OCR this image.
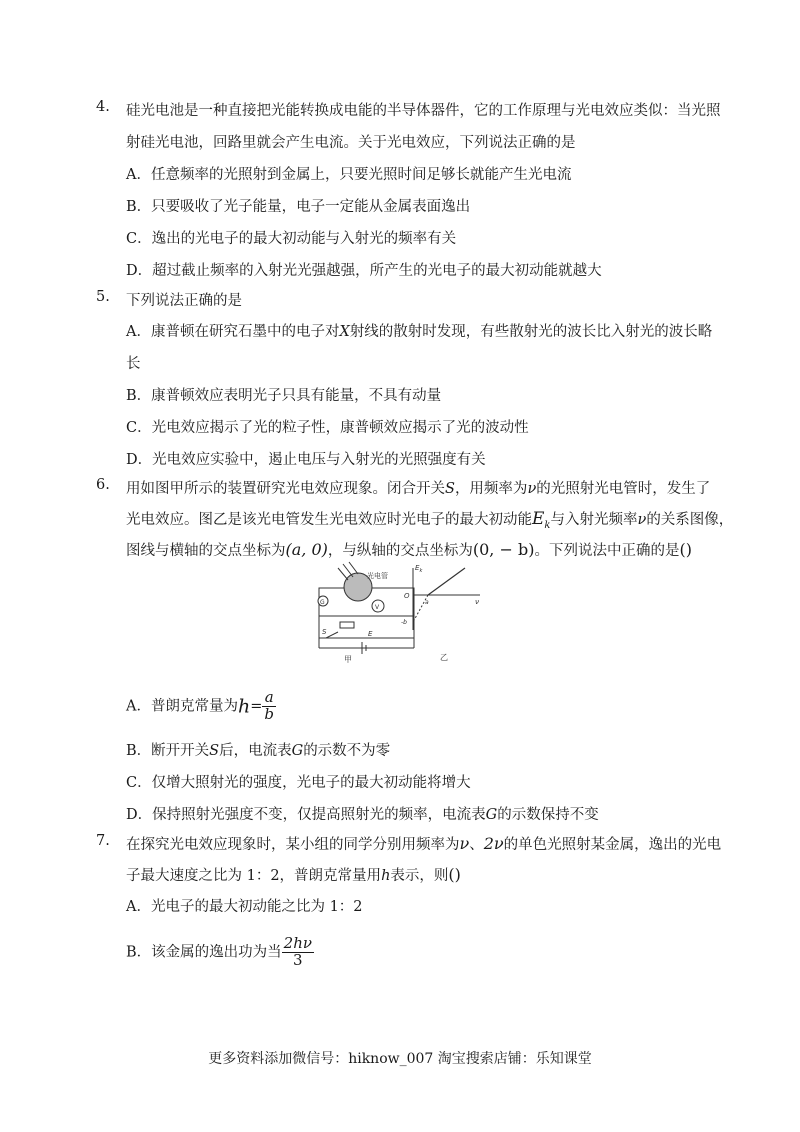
4. 硅光电池是一种直接把光能转换成电能的半导体器件，它的工作原理与光电效应类似：当光照
射硅光电池，回路里就会产生电流。关于光电效应，下列说法正确的是
A．任意频率的光照射到金属上，只要光照时间足够长就能产生光电流
B．只要吸收了光子能量，电子一定能从金属表面逸出
C．逸出的光电子的最大初动能与入射光的频率有关
D．超过截止频率的入射光光强越强，所产生的光电子的最大初动能就越大
5. 下列说法正确的是
A．康普顿在研究石墨中的电子对X射线的散射时发现，有些散射光的波长比入射光的波长略
长
B．康普顿效应表明光子只具有能量，不具有动量
C．光电效应揭示了光的粒子性，康普顿效应揭示了光的波动性
D．光电效应实验中，遏止电压与入射光的光照强度有关
6. 用如图甲所示的装置研究光电效应现象。闭合开关S，用频率为ν的光照射光电管时，发生了
光电效应。图乙是该光电管发生光电效应时光电子的最大初动能$E_k$与入射光频率ν的关系图像，
图线与横轴的交点坐标为(a, 0)，与纵轴的交点坐标为(0, − b)。下列说法中正确的是()
光电管
G
V
S	E
甲
$E_k$
O
ν
a
-b
乙
A．普朗克常量为$h= \frac{a}{b}$
B．断开开关S后，电流表G的示数不为零
C．仅增大照射光的强度，光电子的最大初动能将增大
D．保持照射光强度不变，仅提高照射光的频率，电流表G的示数保持不变
7. 在探究光电效应现象时，某小组的同学分别用频率为ν、2ν的单色光照射某金属，逸出的光电
子最大速度之比为 1：2，普朗克常量用h表示，则()
A．光电子的最大初动能之比为 1：2
B．该金属的逸出功为当 $\frac{2h\nu}{3}$
更多资料添加微信号：hiknow_007 淘宝搜索店铺：乐知课堂
